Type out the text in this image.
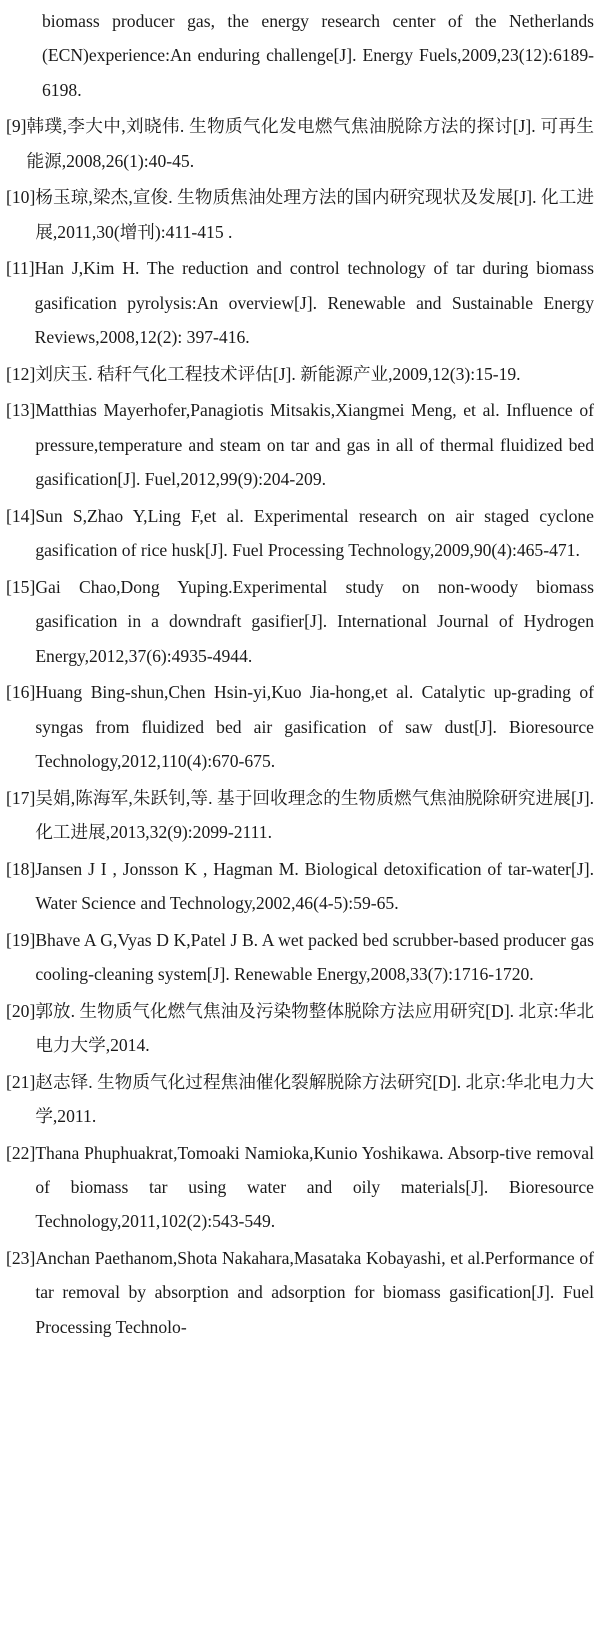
biomass producer gas, the energy research center of the Netherlands (ECN)experience:An enduring challenge[J]. Energy Fuels,2009,23(12):6189-6198.
[9] 韩璞,李大中,刘晓伟. 生物质气化发电燃气焦油脱除方法的探讨[J]. 可再生能源,2008,26(1):40-45.
[10] 杨玉琼,梁杰,宣俊. 生物质焦油处理方法的国内研究现状及发展[J]. 化工进展,2011,30(增刊):411-415 .
[11] Han J,Kim H. The reduction and control technology of tar during biomass gasification pyrolysis:An overview[J]. Renewable and Sustainable Energy Reviews,2008,12(2): 397-416.
[12] 刘庆玉. 秸秆气化工程技术评估[J]. 新能源产业,2009,12(3):15-19.
[13] Matthias Mayerhofer,Panagiotis Mitsakis,Xiangmei Meng, et al. Influence of pressure,temperature and steam on tar and gas in all of thermal fluidized bed gasification[J]. Fuel,2012,99(9):204-209.
[14] Sun S,Zhao Y,Ling F,et al. Experimental research on air staged cyclone gasification of rice husk[J]. Fuel Processing Technology,2009,90(4):465-471.
[15] Gai Chao,Dong Yuping.Experimental study on non-woody biomass gasification in a downdraft gasifier[J]. International Journal of Hydrogen Energy,2012,37(6):4935-4944.
[16] Huang Bing-shun,Chen Hsin-yi,Kuo Jia-hong,et al. Catalytic up-grading of syngas from fluidized bed air gasification of saw dust[J]. Bioresource Technology,2012,110(4):670-675.
[17] 吴娟,陈海军,朱跃钊,等. 基于回收理念的生物质燃气焦油脱除研究进展[J]. 化工进展,2013,32(9):2099-2111.
[18] Jansen J I , Jonsson K , Hagman M. Biological detoxification of tar-water[J]. Water Science and Technology,2002,46(4-5):59-65.
[19] Bhave A G,Vyas D K,Patel J B. A wet packed bed scrubber-based producer gas cooling-cleaning system[J]. Renewable Energy,2008,33(7):1716-1720.
[20] 郭放. 生物质气化燃气焦油及污染物整体脱除方法应用研究[D]. 北京:华北电力大学,2014.
[21] 赵志铎. 生物质气化过程焦油催化裂解脱除方法研究[D]. 北京:华北电力大学,2011.
[22] Thana Phuphuakrat,Tomoaki Namioka,Kunio Yoshikawa. Absorp-tive removal of biomass tar using water and oily materials[J]. Bioresource Technology,2011,102(2):543-549.
[23] Anchan Paethanom,Shota Nakahara,Masataka Kobayashi, et al.Performance of tar removal by absorption and adsorption for biomass gasification[J]. Fuel Processing Technolo-
